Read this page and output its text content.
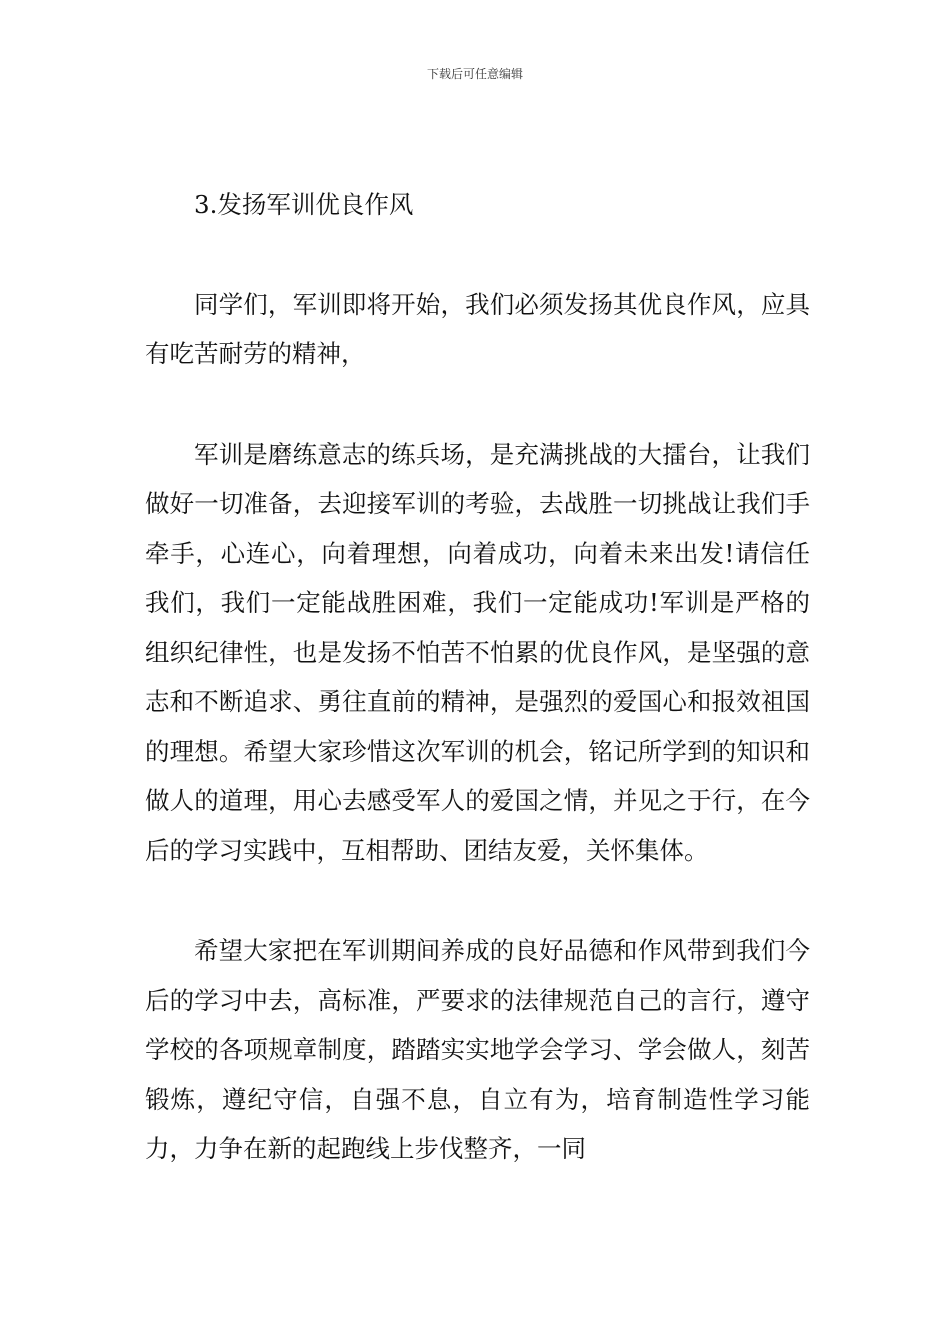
下载后可任意编辑

3.发扬军训优良作风

同学们，军训即将开始，我们必须发扬其优良作风，应具有吃苦耐劳的精神，

军训是磨练意志的练兵场，是充满挑战的大擂台，让我们做好一切准备，去迎接军训的考验，去战胜一切挑战让我们手牵手，心连心，向着理想，向着成功，向着未来出发!请信任我们，我们一定能战胜困难，我们一定能成功!军训是严格的组织纪律性，也是发扬不怕苦不怕累的优良作风，是坚强的意志和不断追求、勇往直前的精神，是强烈的爱国心和报效祖国的理想。希望大家珍惜这次军训的机会，铭记所学到的知识和做人的道理，用心去感受军人的爱国之情，并见之于行，在今后的学习实践中，互相帮助、团结友爱，关怀集体。

希望大家把在军训期间养成的良好品德和作风带到我们今后的学习中去，高标准，严要求的法律规范自己的言行，遵守学校的各项规章制度，踏踏实实地学会学习、学会做人，刻苦锻炼，遵纪守信，自强不息，自立有为，培育制造性学习能力，力争在新的起跑线上步伐整齐，一同
